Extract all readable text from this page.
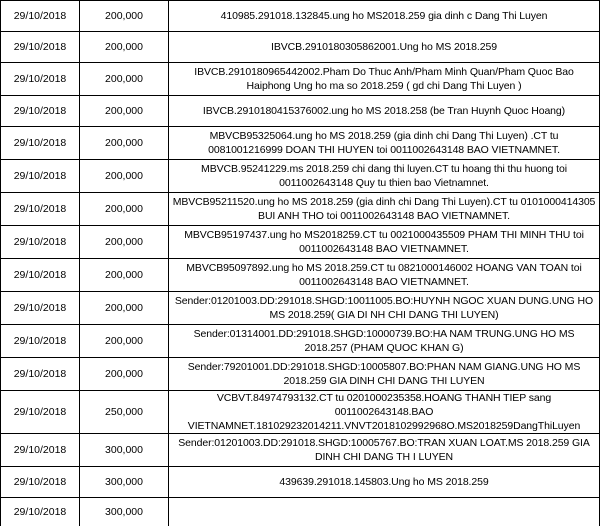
29/10/2018	200,000	410985.291018.132845.ung ho MS2018.259 gia dinh c Dang Thi Luyen
29/10/2018	200,000	IBVCB.2910180305862001.Ung ho MS 2018.259
29/10/2018	200,000	IBVCB.2910180965442002.Pham Do Thuc Anh/Pham Minh Quan/Pham Quoc Bao Haiphong Ung ho ma so 2018.259 ( gd chi Dang Thi Luyen )
29/10/2018	200,000	IBVCB.2910180415376002.ung ho MS 2018.258 (be Tran Huynh Quoc Hoang)
29/10/2018	200,000	MBVCB95325064.ung ho MS 2018.259 (gia dinh chi Dang Thi Luyen) .CT tu 0081001216999 DOAN THI HUYEN toi 0011002643148 BAO VIETNAMNET.
29/10/2018	200,000	MBVCB.95241229.ms 2018.259 chi dang thi luyen.CT tu hoang thi thu huong toi 0011002643148 Quy tu thien bao Vietnamnet.
29/10/2018	200,000	MBVCB95211520.ung ho MS 2018.259 (gia dinh chi Dang Thi Luyen).CT tu 0101000414305 BUI ANH THO toi 0011002643148 BAO VIETNAMNET.
29/10/2018	200,000	MBVCB95197437.ung ho MS2018259.CT tu 0021000435509 PHAM THI MINH THU toi 0011002643148 BAO VIETNAMNET.
29/10/2018	200,000	MBVCB95097892.ung ho MS 2018.259.CT tu 0821000146002 HOANG VAN TOAN toi 0011002643148 BAO VIETNAMNET.
29/10/2018	200,000	Sender:01201003.DD:291018.SHGD:10011005.BO:HUYNH NGOC XUAN DUNG.UNG HO MS 2018.259( GIA DI NH CHI DANG THI LUYEN)
29/10/2018	200,000	Sender:01314001.DD:291018.SHGD:10000739.BO:HA NAM TRUNG.UNG HO MS 2018.257 (PHAM QUOC KHAN G)
29/10/2018	200,000	Sender:79201001.DD:291018.SHGD:10005807.BO:PHAN NAM GIANG.UNG HO MS 2018.259 GIA DINH CHI DANG THI LUYEN
29/10/2018	250,000	VCBVT.84974793132.CT tu 0201000235358.HOANG THANH TIEP sang 0011002643148.BAO VIETNAMNET.181029232014211.VNVT2018102992968O.MS2018259DangThiLuyen
29/10/2018	300,000	Sender:01201003.DD:291018.SHGD:10005767.BO:TRAN XUAN LOAT.MS 2018.259 GIA DINH CHI DANG TH I LUYEN
29/10/2018	300,000	439639.291018.145803.Ung ho MS 2018.259
29/10/2018	300,000	
